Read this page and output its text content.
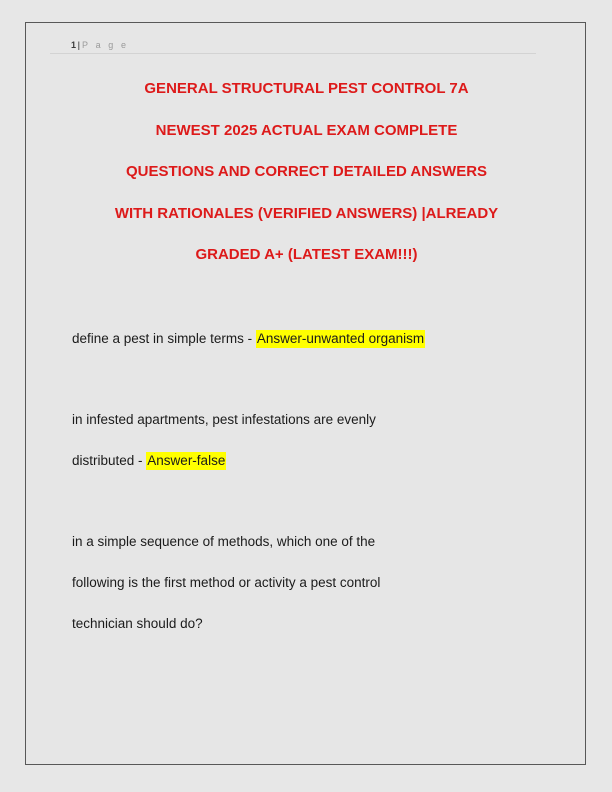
1| P a g e
GENERAL STRUCTURAL PEST CONTROL 7A
NEWEST 2025 ACTUAL EXAM COMPLETE
QUESTIONS AND CORRECT DETAILED ANSWERS
WITH RATIONALES (VERIFIED ANSWERS) |ALREADY
GRADED A+ (LATEST EXAM!!!)
define a pest in simple terms - Answer-unwanted organism
in infested apartments, pest infestations are evenly
distributed - Answer-false
in a simple sequence of methods, which one of the
following is the first method or activity a pest control
technician should do?
